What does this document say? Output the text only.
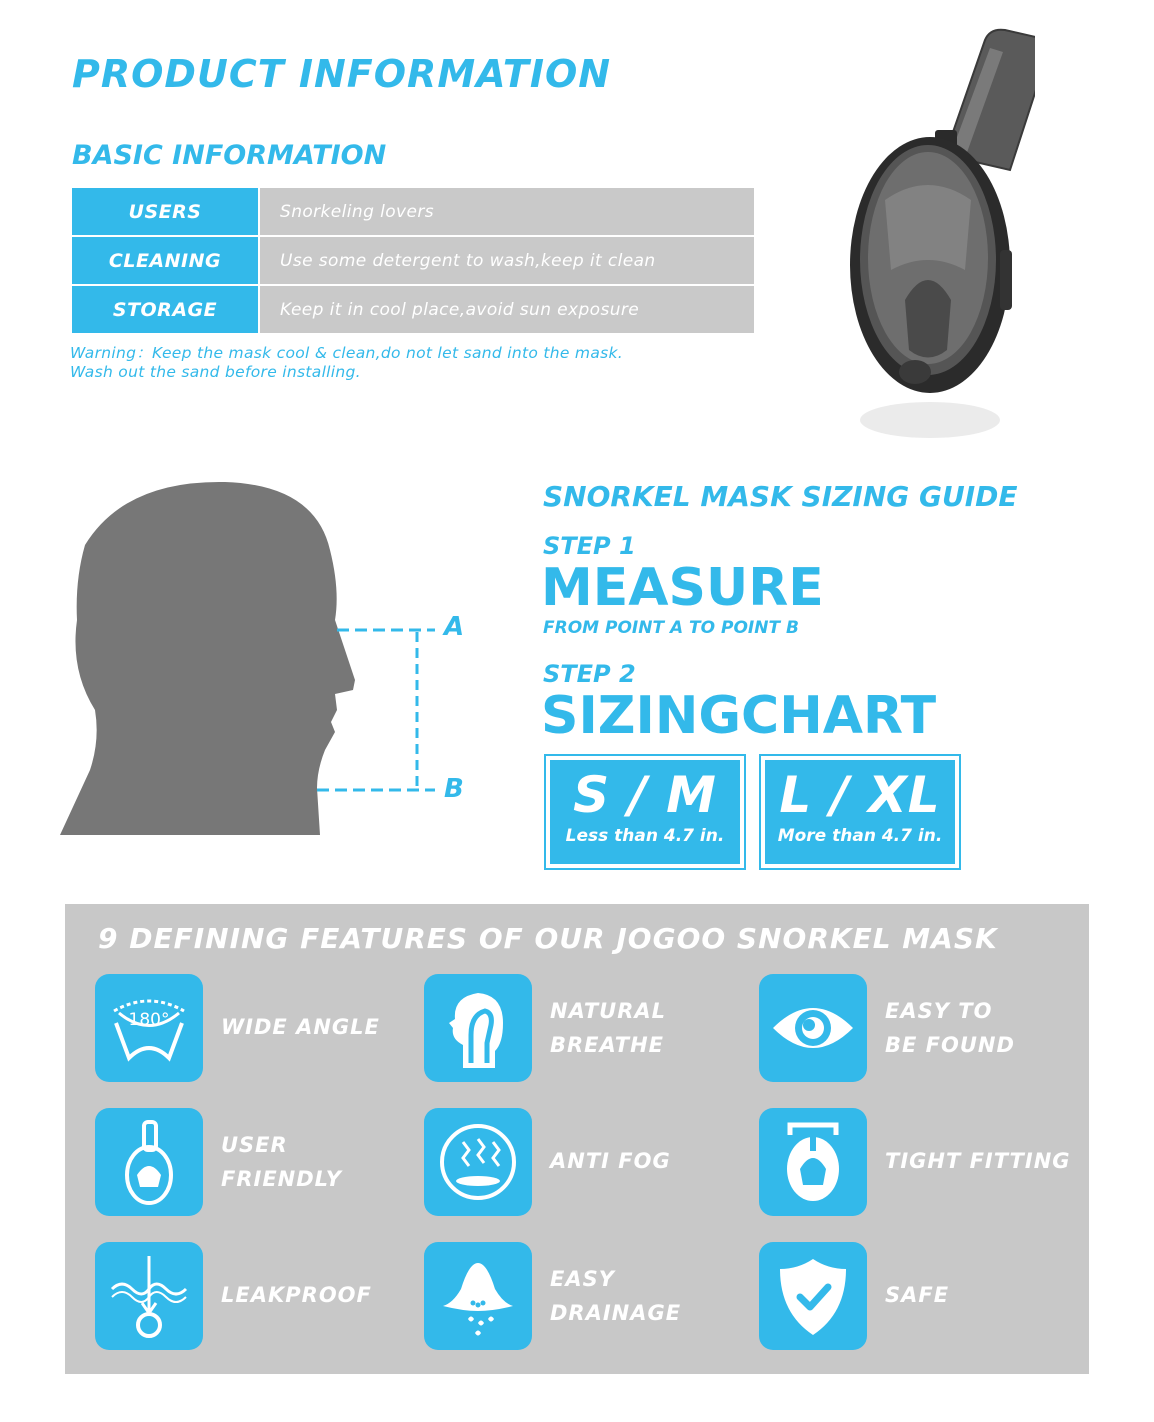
PRODUCT INFORMATION
BASIC INFORMATION
USERS	Snorkeling lovers
CLEANING	Use some detergent to wash,keep it clean
STORAGE	Keep it in cool place,avoid sun exposure
Warning：Keep the mask cool & clean,do not let sand into the mask.
Wash out the sand before installing.
A
B
SNORKEL MASK SIZING GUIDE
STEP 1
MEASURE
FROM POINT A TO POINT B
STEP 2
SIZINGCHART
S / M
Less than 4.7 in.
L / XL
More than 4.7 in.
9 DEFINING FEATURES OF OUR JOGOO SNORKEL MASK
180° WIDE ANGLE
NATURAL
BREATHE
EASY TO
BE FOUND
USER
FRIENDLY
ANTI FOG	TIGHT FITTING
LEAKPROOF
EASY
DRAINAGE
SAFE
